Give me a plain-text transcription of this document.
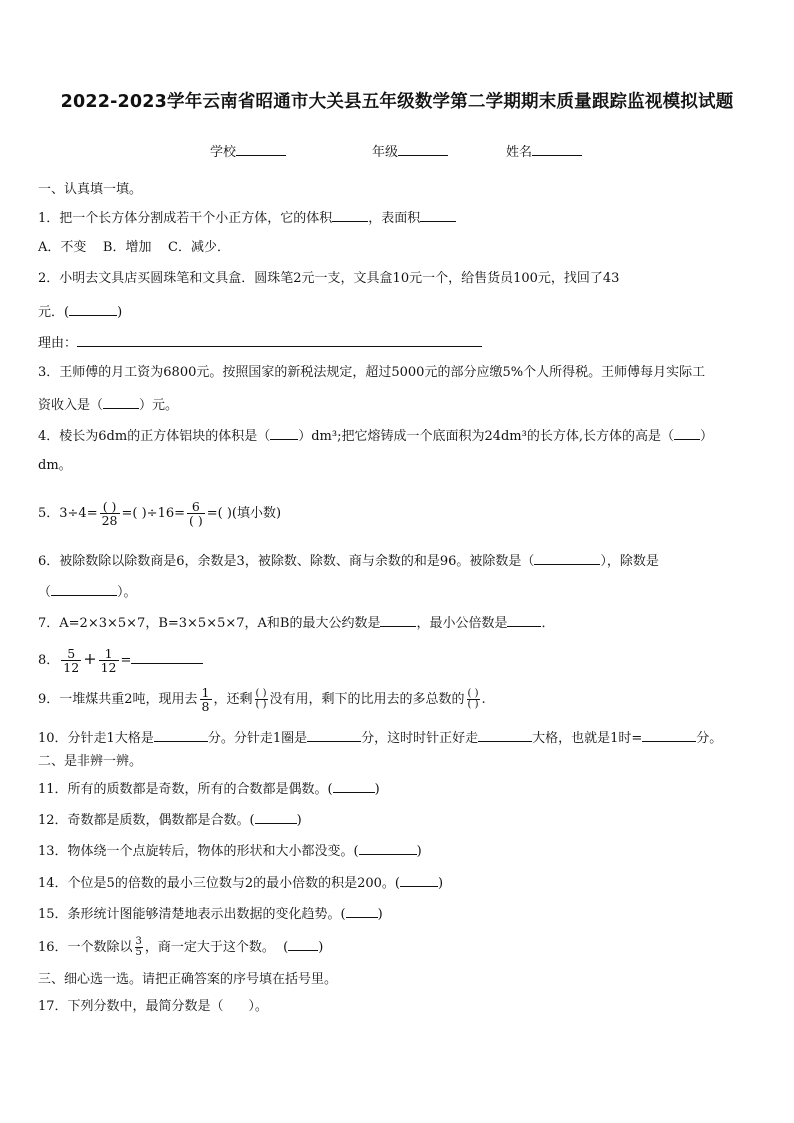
2022-2023学年云南省昭通市大关县五年级数学第二学期期末质量跟踪监视模拟试题
学校	年级	姓名
一、认真填一填。
1．把一个长方体分割成若干个小正方体，它的体积	，表面积
A．不变    B．增加    C．减少．
2．小明去文具店买圆珠笔和文具盒．圆珠笔2元一支，文具盒10元一个，给售货员100元，找回了43
元．(	)
理由：
3．王师傅的月工资为6800元。按照国家的新税法规定，超过5000元的部分应缴5%个人所得税。王师傅每月实际工
资收入是（	）元。
4．棱长为6dm的正方体铝块的体积是（ ）dm³;把它熔铸成一个底面积为24dm³的长方体,长方体的高是（ ）
dm。
5．$3\div 4= \frac{( )}{28}$ =( )$\div 16= \frac{6}{( )}$ =( )(填小数)
6．被除数除以除数商是6，余数是3，被除数、除数、商与余数的和是96。被除数是（	），除数是
（	）。
7．A=2×3×5×7，B=3×5×5×7，A和B的最大公约数是	，最小公倍数是	．
8． $\frac{5}{12} + \frac{1}{12}$ =
9．一堆煤共重2吨，现用去 $\frac{1}{8}$ ，还剩 $\frac{( )}{( )}$ 没有用，剩下的比用去的多总数的 $\frac{( )}{( )}$ .
10．分针走1大格是	分。分针走1圈是	分，这时时针正好走	大格，也就是1时=	分。
二、是非辨一辨。
11．所有的质数都是奇数，所有的合数都是偶数。(	)
12．奇数都是质数，偶数都是合数。(	)
13．物体绕一个点旋转后，物体的形状和大小都没变。(	)
14．个位是5的倍数的最小三位数与2的最小倍数的积是200。(	)
15．条形统计图能够清楚地表示出数据的变化趋势。( )
16．一个数除以 $\frac{3}{5}$ ，商一定大于这个数。  ( )
三、细心选一选。请把正确答案的序号填在括号里。
17．下列分数中，最简分数是（      ）。
